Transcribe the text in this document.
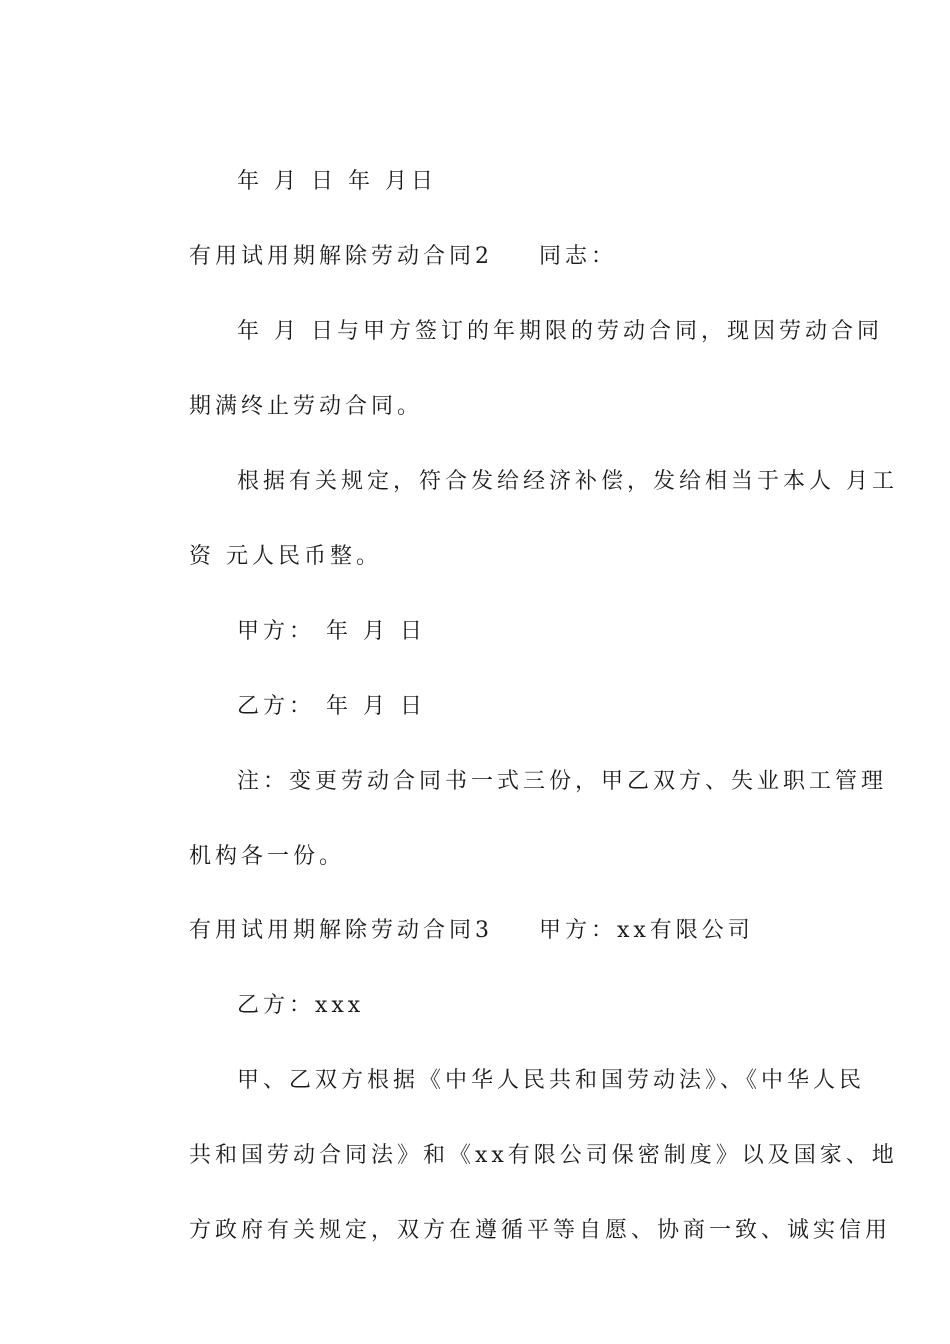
年 月 日 年 月日

有用试用期解除劳动合同2 同志：

年 月 日与甲方签订的年期限的劳动合同，现因劳动合同

期满终止劳动合同。

根据有关规定，符合发给经济补偿，发给相当于本人 月工

资 元人民币整。

甲方： 年 月 日

乙方： 年 月 日

注：变更劳动合同书一式三份，甲乙双方、失业职工管理

机构各一份。

有用试用期解除劳动合同3 甲方：xx有限公司

乙方：xxx

甲、乙双方根据《中华人民共和国劳动法》、《中华人民

共和国劳动合同法》和《xx有限公司保密制度》以及国家、地

方政府有关规定，双方在遵循平等自愿、协商一致、诚实信用
